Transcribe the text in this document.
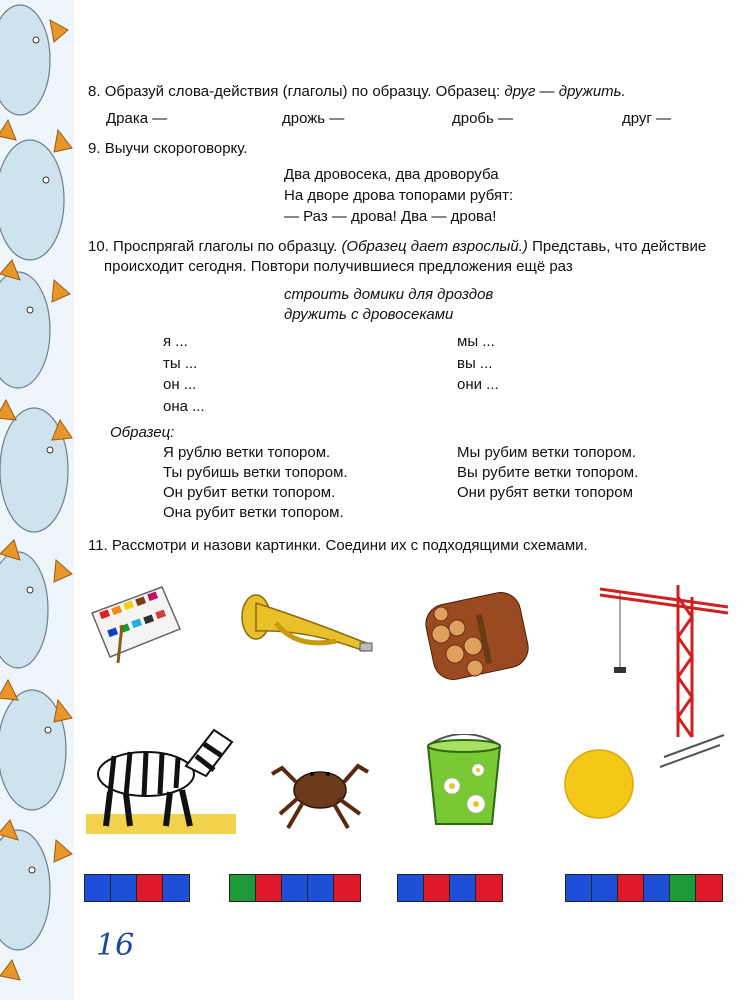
8. Образуй слова-действия (глаголы) по образцу. Образец: друг — дружить.
Драка —	дрожь —	дробь —	друг —
9. Выучи скороговорку.
Два дровосека, два дроворуба
На дворе дрова топорами рубят:
— Раз — дрова! Два — дрова!
10. Проспрягай глаголы по образцу. (Образец дает взрослый.) Представь, что действие
происходит сегодня. Повтори получившиеся предложения ещё раз
строить домики для дроздов
дружить с дровосеками
я ...
ты ...
он ...
она ...
мы ...
вы ...
они ...
Образец:
Я рублю ветки топором.
Ты рубишь ветки топором.
Он рубит ветки топором.
Она рубит ветки топором.
Мы рубим ветки топором.
Вы рубите ветки топором.
Они рубят ветки топором
11. Рассмотри и назови картинки. Соедини их с подходящими схемами.
16
